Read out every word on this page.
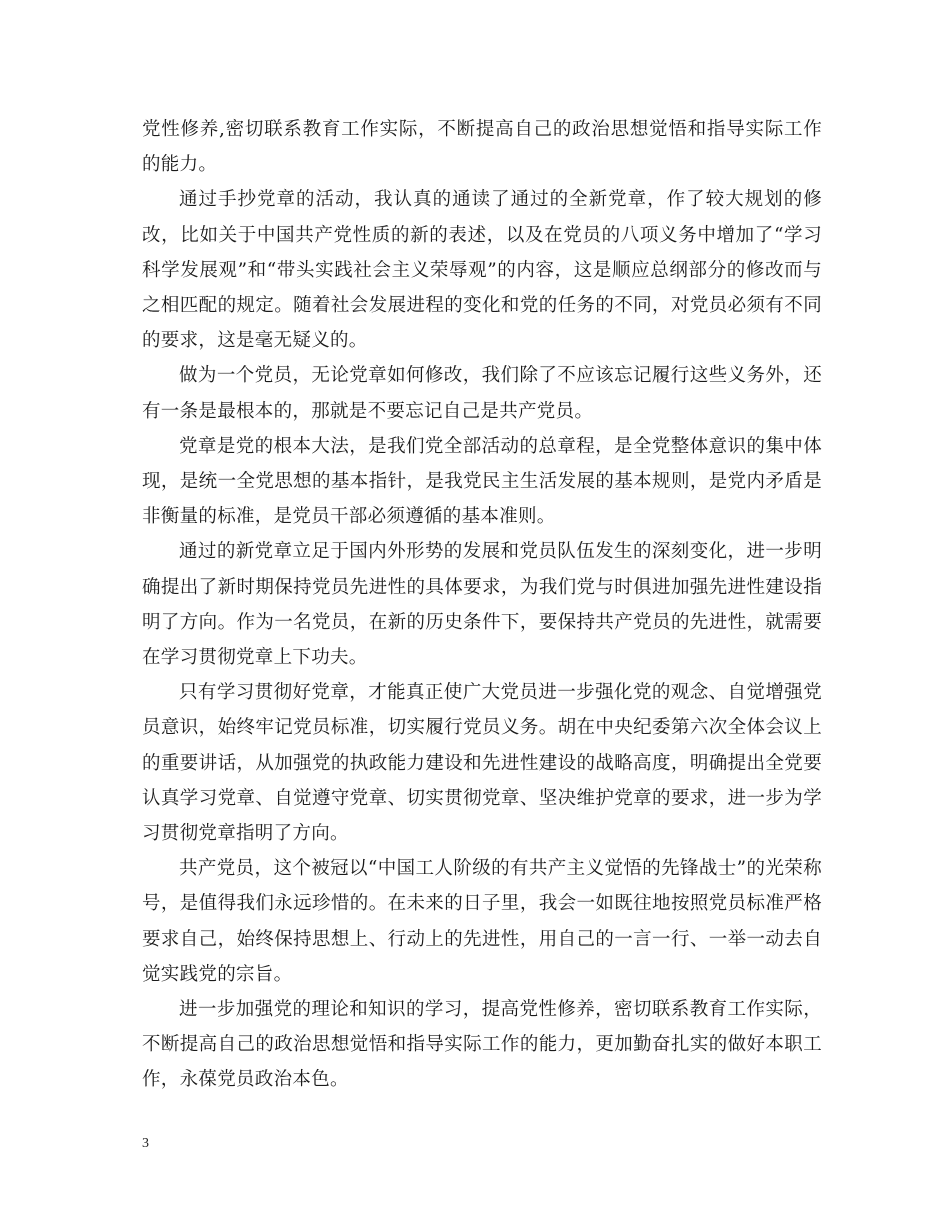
党性修养,密切联系教育工作实际，不断提高自己的政治思想觉悟和指导实际工作的能力。

通过手抄党章的活动，我认真的通读了通过的全新党章，作了较大规划的修改，比如关于中国共产党性质的新的表述，以及在党员的八项义务中增加了“学习科学发展观”和“带头实践社会主义荣辱观”的内容，这是顺应总纲部分的修改而与之相匹配的规定。随着社会发展进程的变化和党的任务的不同，对党员必须有不同的要求，这是毫无疑义的。

做为一个党员，无论党章如何修改，我们除了不应该忘记履行这些义务外，还有一条是最根本的，那就是不要忘记自己是共产党员。

党章是党的根本大法，是我们党全部活动的总章程，是全党整体意识的集中体现，是统一全党思想的基本指针，是我党民主生活发展的基本规则，是党内矛盾是非衡量的标准，是党员干部必须遵循的基本准则。

通过的新党章立足于国内外形势的发展和党员队伍发生的深刻变化，进一步明确提出了新时期保持党员先进性的具体要求，为我们党与时俱进加强先进性建设指明了方向。作为一名党员，在新的历史条件下，要保持共产党员的先进性，就需要在学习贯彻党章上下功夫。

只有学习贯彻好党章，才能真正使广大党员进一步强化党的观念、自觉增强党员意识，始终牢记党员标准，切实履行党员义务。胡在中央纪委第六次全体会议上的重要讲话，从加强党的执政能力建设和先进性建设的战略高度，明确提出全党要认真学习党章、自觉遵守党章、切实贯彻党章、坚决维护党章的要求，进一步为学习贯彻党章指明了方向。

共产党员，这个被冠以“中国工人阶级的有共产主义觉悟的先锋战士”的光荣称号，是值得我们永远珍惜的。在未来的日子里，我会一如既往地按照党员标准严格要求自己，始终保持思想上、行动上的先进性，用自己的一言一行、一举一动去自觉实践党的宗旨。

进一步加强党的理论和知识的学习，提高党性修养，密切联系教育工作实际，不断提高自己的政治思想觉悟和指导实际工作的能力，更加勤奋扎实的做好本职工作，永葆党员政治本色。

3
